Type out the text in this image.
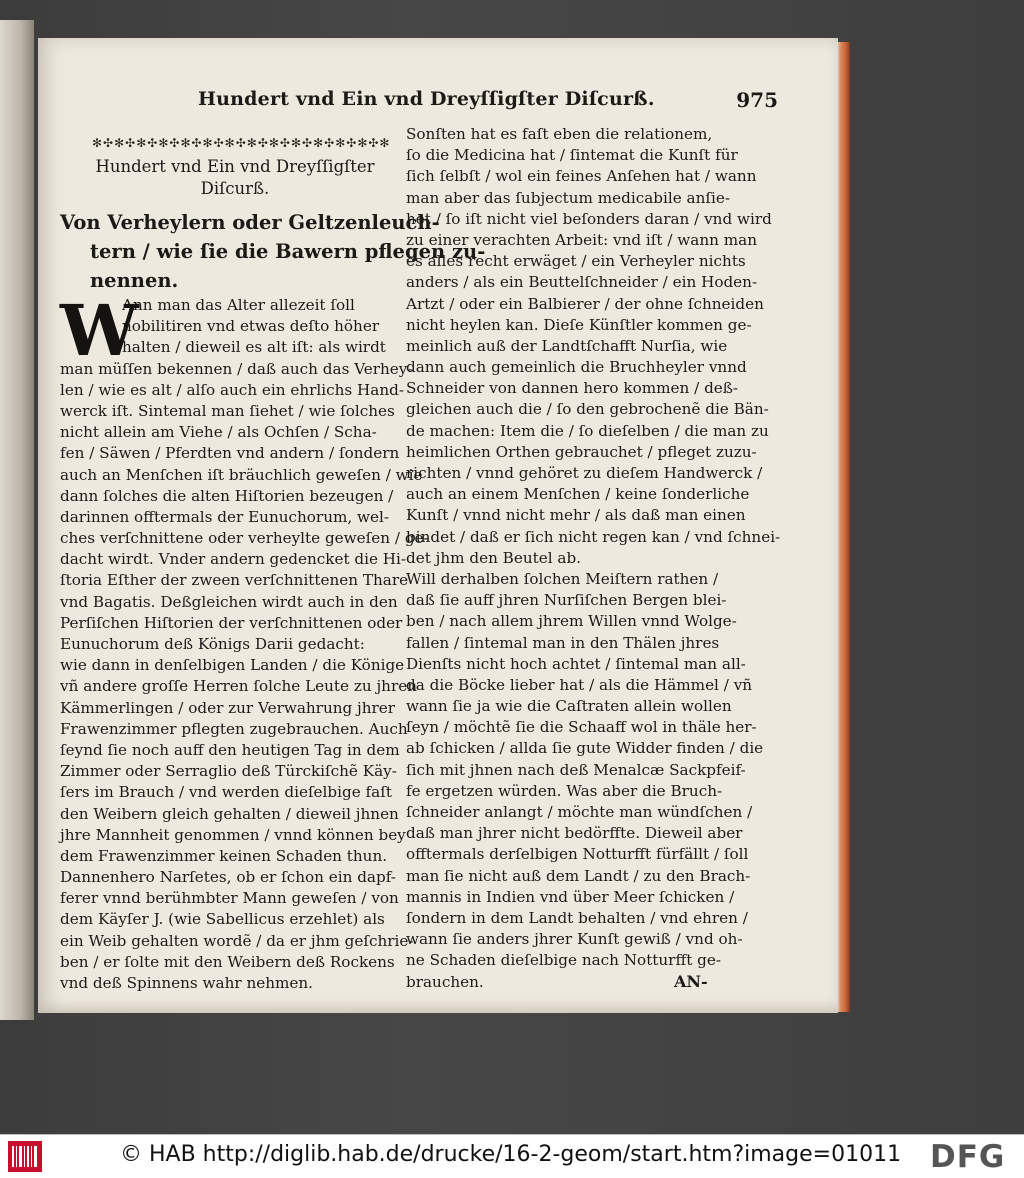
Hundert vnd Ein vnd Dreyſſigſter Diſcurß.	975
✻✣✻✣✻✣✻✣✻✣✻✣✻✣✻✣✻✣✻✣✻✣✻✣✻✣✻
Hundert vnd Ein vnd Dreyſſigſter
Diſcurß.
Von Verheylern oder Geltzenleuch-
tern / wie ſie die Bawern pflegen zu-
nennen.
W
Ann man das Alter allezeit ſoll
nobilitiren vnd etwas deſto höher
halten / dieweil es alt iſt: als wirdt
man müſſen bekennen / daß auch das Verhey-
len / wie es alt / alſo auch ein ehrlichs Hand-
werck iſt. Sintemal man ſiehet / wie ſolches
nicht allein am Viehe / als Ochſen / Scha-
fen / Säwen / Pferdten vnd andern / ſondern
auch an Menſchen iſt bräuchlich geweſen / wie
dann ſolches die alten Hiſtorien bezeugen /
darinnen offtermals der Eunuchorum, wel-
ches verſchnittene oder verheylte geweſen / ge-
dacht wirdt. Vnder andern gedencket die Hi-
ſtoria Eſther der zween verſchnittenen Thare
vnd Bagatis. Deßgleichen wirdt auch in den
Perſiſchen Hiſtorien der verſchnittenen oder
Eunuchorum deß Königs Darii gedacht:
wie dann in denſelbigen Landen / die Könige
vñ andere groſſe Herren ſolche Leute zu jhren
Kämmerlingen / oder zur Verwahrung jhrer
Frawenzimmer pflegten zugebrauchen. Auch
ſeynd ſie noch auff den heutigen Tag in dem
Zimmer oder Serraglio deß Türckiſchẽ Käy-
ſers im Brauch / vnd werden dieſelbige faſt
den Weibern gleich gehalten / dieweil jhnen
jhre Mannheit genommen / vnnd können bey
dem Frawenzimmer keinen Schaden thun.
Dannenhero Narſetes, ob er ſchon ein dapf-
ferer vnnd berühmbter Mann geweſen / von
dem Käyſer J. (wie Sabellicus erzehlet) als
ein Weib gehalten wordẽ / da er jhm geſchrie-
ben / er ſolte mit den Weibern deß Rockens
vnd deß Spinnens wahr nehmen.
Sonſten hat es faſt eben die relationem,
ſo die Medicina hat / ſintemat die Kunſt für
ſich ſelbſt / wol ein feines Anſehen hat / wann
man aber das ſubjectum medicabile anſie-
het / ſo iſt nicht viel beſonders daran / vnd wird
zu einer verachten Arbeit: vnd iſt / wann man
es alles recht erwäget / ein Verheyler nichts
anders / als ein Beuttelſchneider / ein Hoden-
Artzt / oder ein Balbierer / der ohne ſchneiden
nicht heylen kan. Dieſe Künſtler kommen ge-
meinlich auß der Landtſchafft Nurſia, wie
dann auch gemeinlich die Bruchheyler vnnd
Schneider von dannen hero kommen / deß-
gleichen auch die / ſo den gebrochenẽ die Bän-
de machen: Item die / ſo dieſelben / die man zu
heimlichen Orthen gebrauchet / pfleget zuzu-
richten / vnnd gehöret zu dieſem Handwerck /
auch an einem Menſchen / keine ſonderliche
Kunſt / vnnd nicht mehr / als daß man einen
bindet / daß er ſich nicht regen kan / vnd ſchnei-
det jhm den Beutel ab.
Will derhalben ſolchen Meiſtern rathen /
daß ſie auff jhren Nurſiſchen Bergen blei-
ben / nach allem jhrem Willen vnnd Wolge-
fallen / ſintemal man in den Thälen jhres
Dienſts nicht hoch achtet / ſintemal man all-
da die Böcke lieber hat / als die Hämmel / vñ
wann ſie ja wie die Caſtraten allein wollen
ſeyn / möchtẽ ſie die Schaaff wol in thäle her-
ab ſchicken / allda ſie gute Widder finden / die
ſich mit jhnen nach deß Menalcæ Sackpfeif-
fe ergetzen würden. Was aber die Bruch-
ſchneider anlangt / möchte man wündſchen /
daß man jhrer nicht bedörffte. Dieweil aber
offtermals derſelbigen Notturfft fürfällt / ſoll
man ſie nicht auß dem Landt / zu den Brach-
mannis in Indien vnd über Meer ſchicken /
ſondern in dem Landt behalten / vnd ehren /
wann ſie anders jhrer Kunſt gewiß / vnd oh-
ne Schaden dieſelbige nach Notturfft ge-
brauchen.	AN-
© HAB http://diglib.hab.de/drucke/16-2-geom/start.htm?image=01011 DFG
